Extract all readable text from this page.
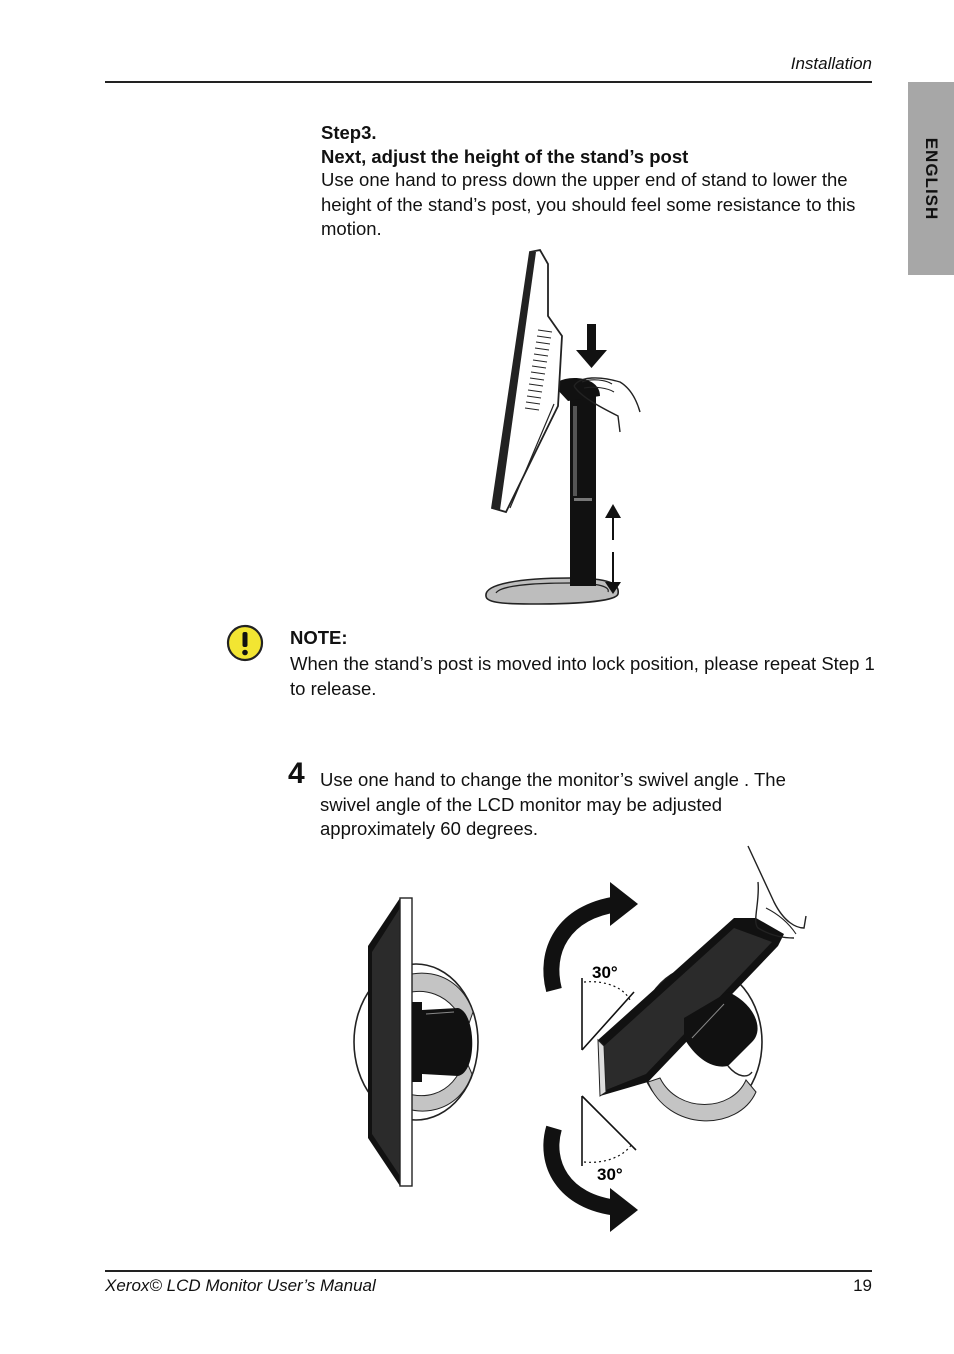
Installation
ENGLISH
Step3.
Next, adjust the height of the stand’s post

Use one hand to press down the upper end of stand to lower the height of the stand’s post, you should feel some resistance to this motion.

NOTE:

When the stand’s post is moved into lock position, please repeat Step 1 to release.

4 Use one hand to change the monitor’s swivel angle . The swivel angle of the LCD monitor may be adjusted approximately 60 degrees.

30°
30°
Xerox© LCD Monitor User’s Manual	19
